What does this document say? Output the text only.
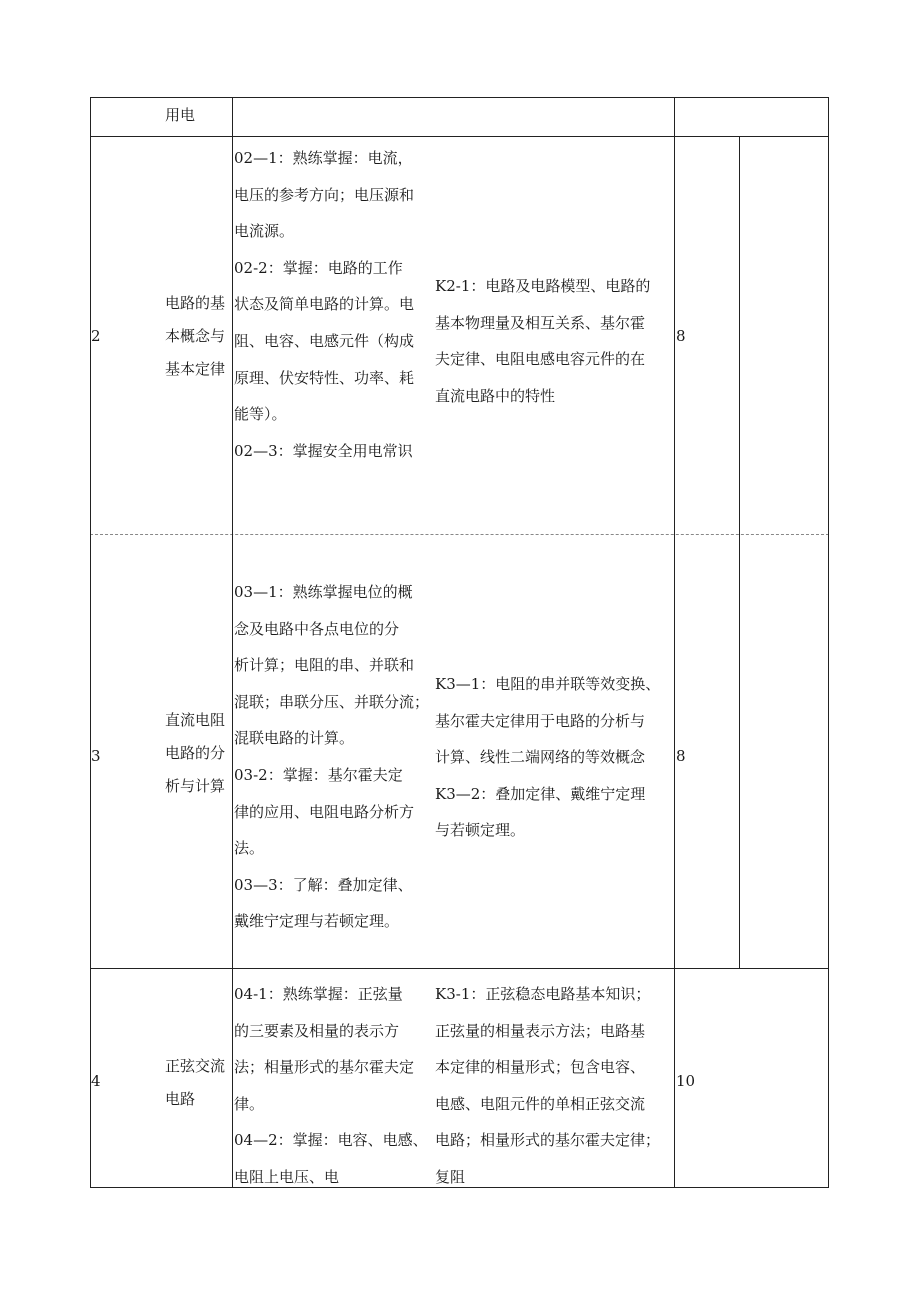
用电
2
电路的基
本概念与
基本定律
02—1：熟练掌握：电流，
电压的参考方向；电压源和
电流源。
02-2：掌握：电路的工作
状态及简单电路的计算。电
阻、电容、电感元件（构成
原理、伏安特性、功率、耗
能等）。
02—3：掌握安全用电常识
K2-1：电路及电路模型、电路的
基本物理量及相互关系、基尔霍
夫定律、电阻电感电容元件的在
直流电路中的特性
8
3
直流电阻
电路的分
析与计算
03—1：熟练掌握电位的概
念及电路中各点电位的分
析计算；电阻的串、并联和
混联；串联分压、并联分流；
混联电路的计算。
03-2：掌握：基尔霍夫定
律的应用、电阻电路分析方
法。
03—3：了解：叠加定律、
戴维宁定理与若顿定理。
K3—1：电阻的串并联等效变换、
基尔霍夫定律用于电路的分析与
计算、线性二端网络的等效概念
K3—2：叠加定律、戴维宁定理
与若顿定理。
8
4
正弦交流
电路
04-1：熟练掌握：正弦量
的三要素及相量的表示方
法；相量形式的基尔霍夫定
律。
04—2：掌握：电容、电感、
电阻上电压、电
K3-1：正弦稳态电路基本知识；
正弦量的相量表示方法；电路基
本定律的相量形式；包含电容、
电感、电阻元件的单相正弦交流
电路；相量形式的基尔霍夫定律；
复阻
10
